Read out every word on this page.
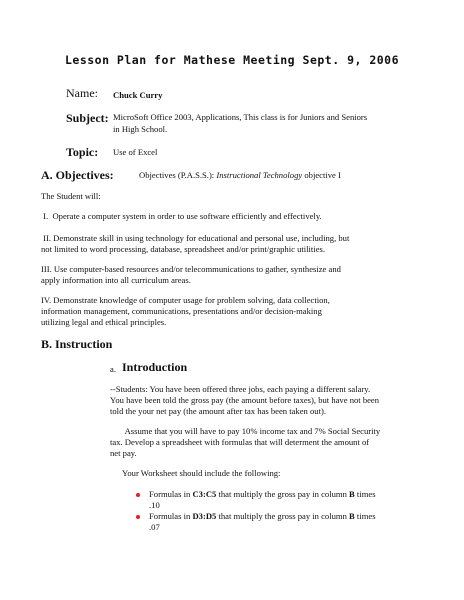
Lesson Plan for Mathese Meeting Sept. 9, 2006
Name: Chuck Curry
Subject: MicroSoft Office 2003, Applications, This class is for Juniors and Seniors
in High School.
Topic: Use of Excel
A. Objectives:	Objectives (P.A.S.S.): Instructional Technology objective I
The Student will:
I.  Operate a computer system in order to use software efficiently and effectively.
II. Demonstrate skill in using technology for educational and personal use, including, but
not limited to word processing, database, spreadsheet and/or print/graphic utilities.
III. Use computer-based resources and/or telecommunications to gather, synthesize and
apply information into all curriculum areas.
IV. Demonstrate knowledge of computer usage for problem solving, data collection,
information management, communications, presentations and/or decision-making
utilizing legal and ethical principles.
B. Instruction
a. Introduction
--Students: You have been offered three jobs, each paying a different salary.
You have been told the gross pay (the amount before taxes), but have not been
told the your net pay (the amount after tax has been taken out).
Assume that you will have to pay 10% income tax and 7% Social Security
tax. Develop a spreadsheet with formulas that will determent the amount of
net pay.
Your Worksheet should include the following:
Formulas in C3:C5 that multiply the gross pay in column B times
.10
Formulas in D3:D5 that multiply the gross pay in column B times
.07
